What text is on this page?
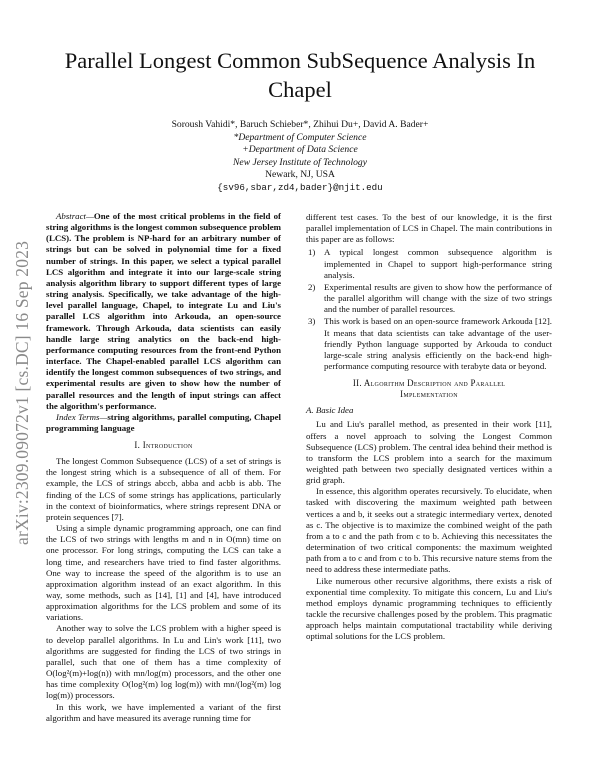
Parallel Longest Common SubSequence Analysis In Chapel
Soroush Vahidi*, Baruch Schieber*, Zhihui Du+, David A. Bader+
*Department of Computer Science
+Department of Data Science
New Jersey Institute of Technology
Newark, NJ, USA
{sv96,sbar,zd4,bader}@njit.edu
arXiv:2309.09072v1 [cs.DC] 16 Sep 2023

Abstract—One of the most critical problems in the field of string algorithms is the longest common subsequence problem (LCS). The problem is NP-hard for an arbitrary number of strings but can be solved in polynomial time for a fixed number of strings. In this paper, we select a typical parallel LCS algorithm and integrate it into our large-scale string analysis algorithm library to support different types of large string analysis. Specifically, we take advantage of the high-level parallel language, Chapel, to integrate Lu and Liu's parallel LCS algorithm into Arkouda, an open-source framework. Through Arkouda, data scientists can easily handle large string analytics on the back-end high-performance computing resources from the front-end Python interface. The Chapel-enabled parallel LCS algorithm can identify the longest common subsequences of two strings, and experimental results are given to show how the number of parallel resources and the length of input strings can affect the algorithm's performance.

Index Terms—string algorithms, parallel computing, Chapel programming language

I. Introduction

The longest Common Subsequence (LCS) of a set of strings is the longest string which is a subsequence of all of them. For example, the LCS of strings abccb, abba and acbb is abb. The finding of the LCS of some strings has applications, particularly in the context of bioinformatics, where strings represent DNA or protein sequences [7].

Using a simple dynamic programming approach, one can find the LCS of two strings with lengths m and n in O(mn) time on one processor. For long strings, computing the LCS can take a long time, and researchers have tried to find faster algorithms. One way to increase the speed of the algorithm is to use an approximation algorithm instead of an exact algorithm. In this way, some methods, such as [14], [1] and [4], have introduced approximation algorithms for the LCS problem and some of its variations.

Another way to solve the LCS problem with a higher speed is to develop parallel algorithms. In Lu and Lin's work [11], two algorithms are suggested for finding the LCS of two strings in parallel, such that one of them has a time complexity of O(log²(m)+log(n)) with mn/log(m) processors, and the other one has time complexity O(log²(m) log log(m)) with mn/(log²(m) log log(m)) processors.

In this work, we have implemented a variant of the first algorithm and have measured its average running time for

different test cases. To the best of our knowledge, it is the first parallel implementation of LCS in Chapel. The main contributions in this paper are as follows:

1) A typical longest common subsequence algorithm is implemented in Chapel to support high-performance string analysis.
2) Experimental results are given to show how the performance of the parallel algorithm will change with the size of two strings and the number of parallel resources.
3) This work is based on an open-source framework Arkouda [12]. It means that data scientists can take advantage of the user-friendly Python language supported by Arkouda to conduct large-scale string analysis efficiently on the back-end high-performance computing resource with terabyte data or beyond.
II. Algorithm Description and Parallel
Implementation
A. Basic Idea

Lu and Liu's parallel method, as presented in their work [11], offers a novel approach to solving the Longest Common Subsequence (LCS) problem. The central idea behind their method is to transform the LCS problem into a search for the maximum weighted path between two specially designated vertices within a grid graph.

In essence, this algorithm operates recursively. To elucidate, when tasked with discovering the maximum weighted path between vertices a and b, it seeks out a strategic intermediary vertex, denoted as c. The objective is to maximize the combined weight of the path from a to c and the path from c to b. Achieving this necessitates the determination of two critical components: the maximum weighted path from a to c and from c to b. This recursive nature stems from the need to address these intermediate paths.

Like numerous other recursive algorithms, there exists a risk of exponential time complexity. To mitigate this concern, Lu and Liu's method employs dynamic programming techniques to efficiently tackle the recursive challenges posed by the problem. This pragmatic approach helps maintain computational tractability while deriving optimal solutions for the LCS problem.
